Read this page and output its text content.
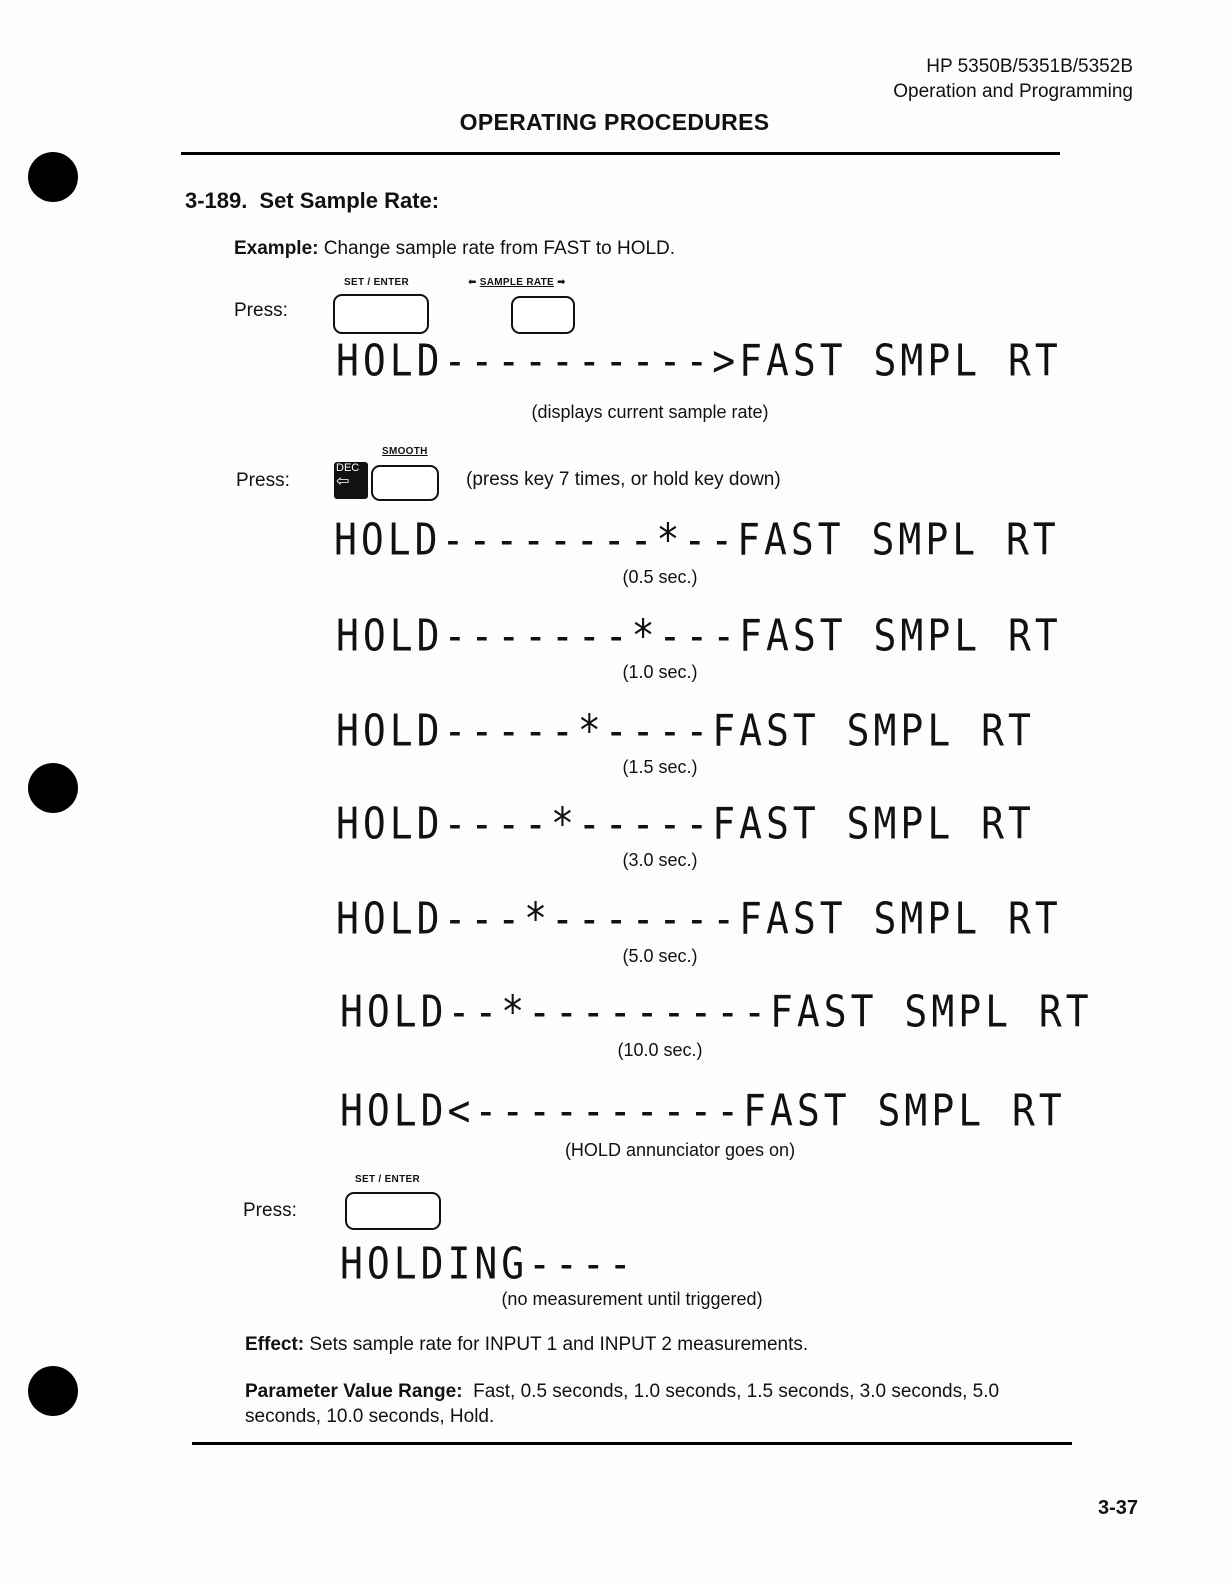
HP 5350B/5351B/5352B
Operation and Programming
OPERATING PROCEDURES
3-189. Set Sample Rate:
Example: Change sample rate from FAST to HOLD.
Press:
SET / ENTER	⬅ SAMPLE RATE ➡
HOLD---------->FAST SMPL RT
(displays current sample rate)
Press:
DEC
⇦
SMOOTH
(press key 7 times, or hold key down)
HOLD--------*--FAST SMPL RT
(0.5 sec.)
HOLD-------*---FAST SMPL RT
(1.0 sec.)
HOLD-----*----FAST SMPL RT
(1.5 sec.)
HOLD----*-----FAST SMPL RT
(3.0 sec.)
HOLD---*-------FAST SMPL RT
(5.0 sec.)
HOLD--*---------FAST SMPL RT
(10.0 sec.)
HOLD<----------FAST SMPL RT
(HOLD annunciator goes on)
SET / ENTER
Press:
HOLDING----
(no measurement until triggered)
Effect: Sets sample rate for INPUT 1 and INPUT 2 measurements.
Parameter Value Range: Fast, 0.5 seconds, 1.0 seconds, 1.5 seconds, 3.0 seconds, 5.0
seconds, 10.0 seconds, Hold.
3-37
